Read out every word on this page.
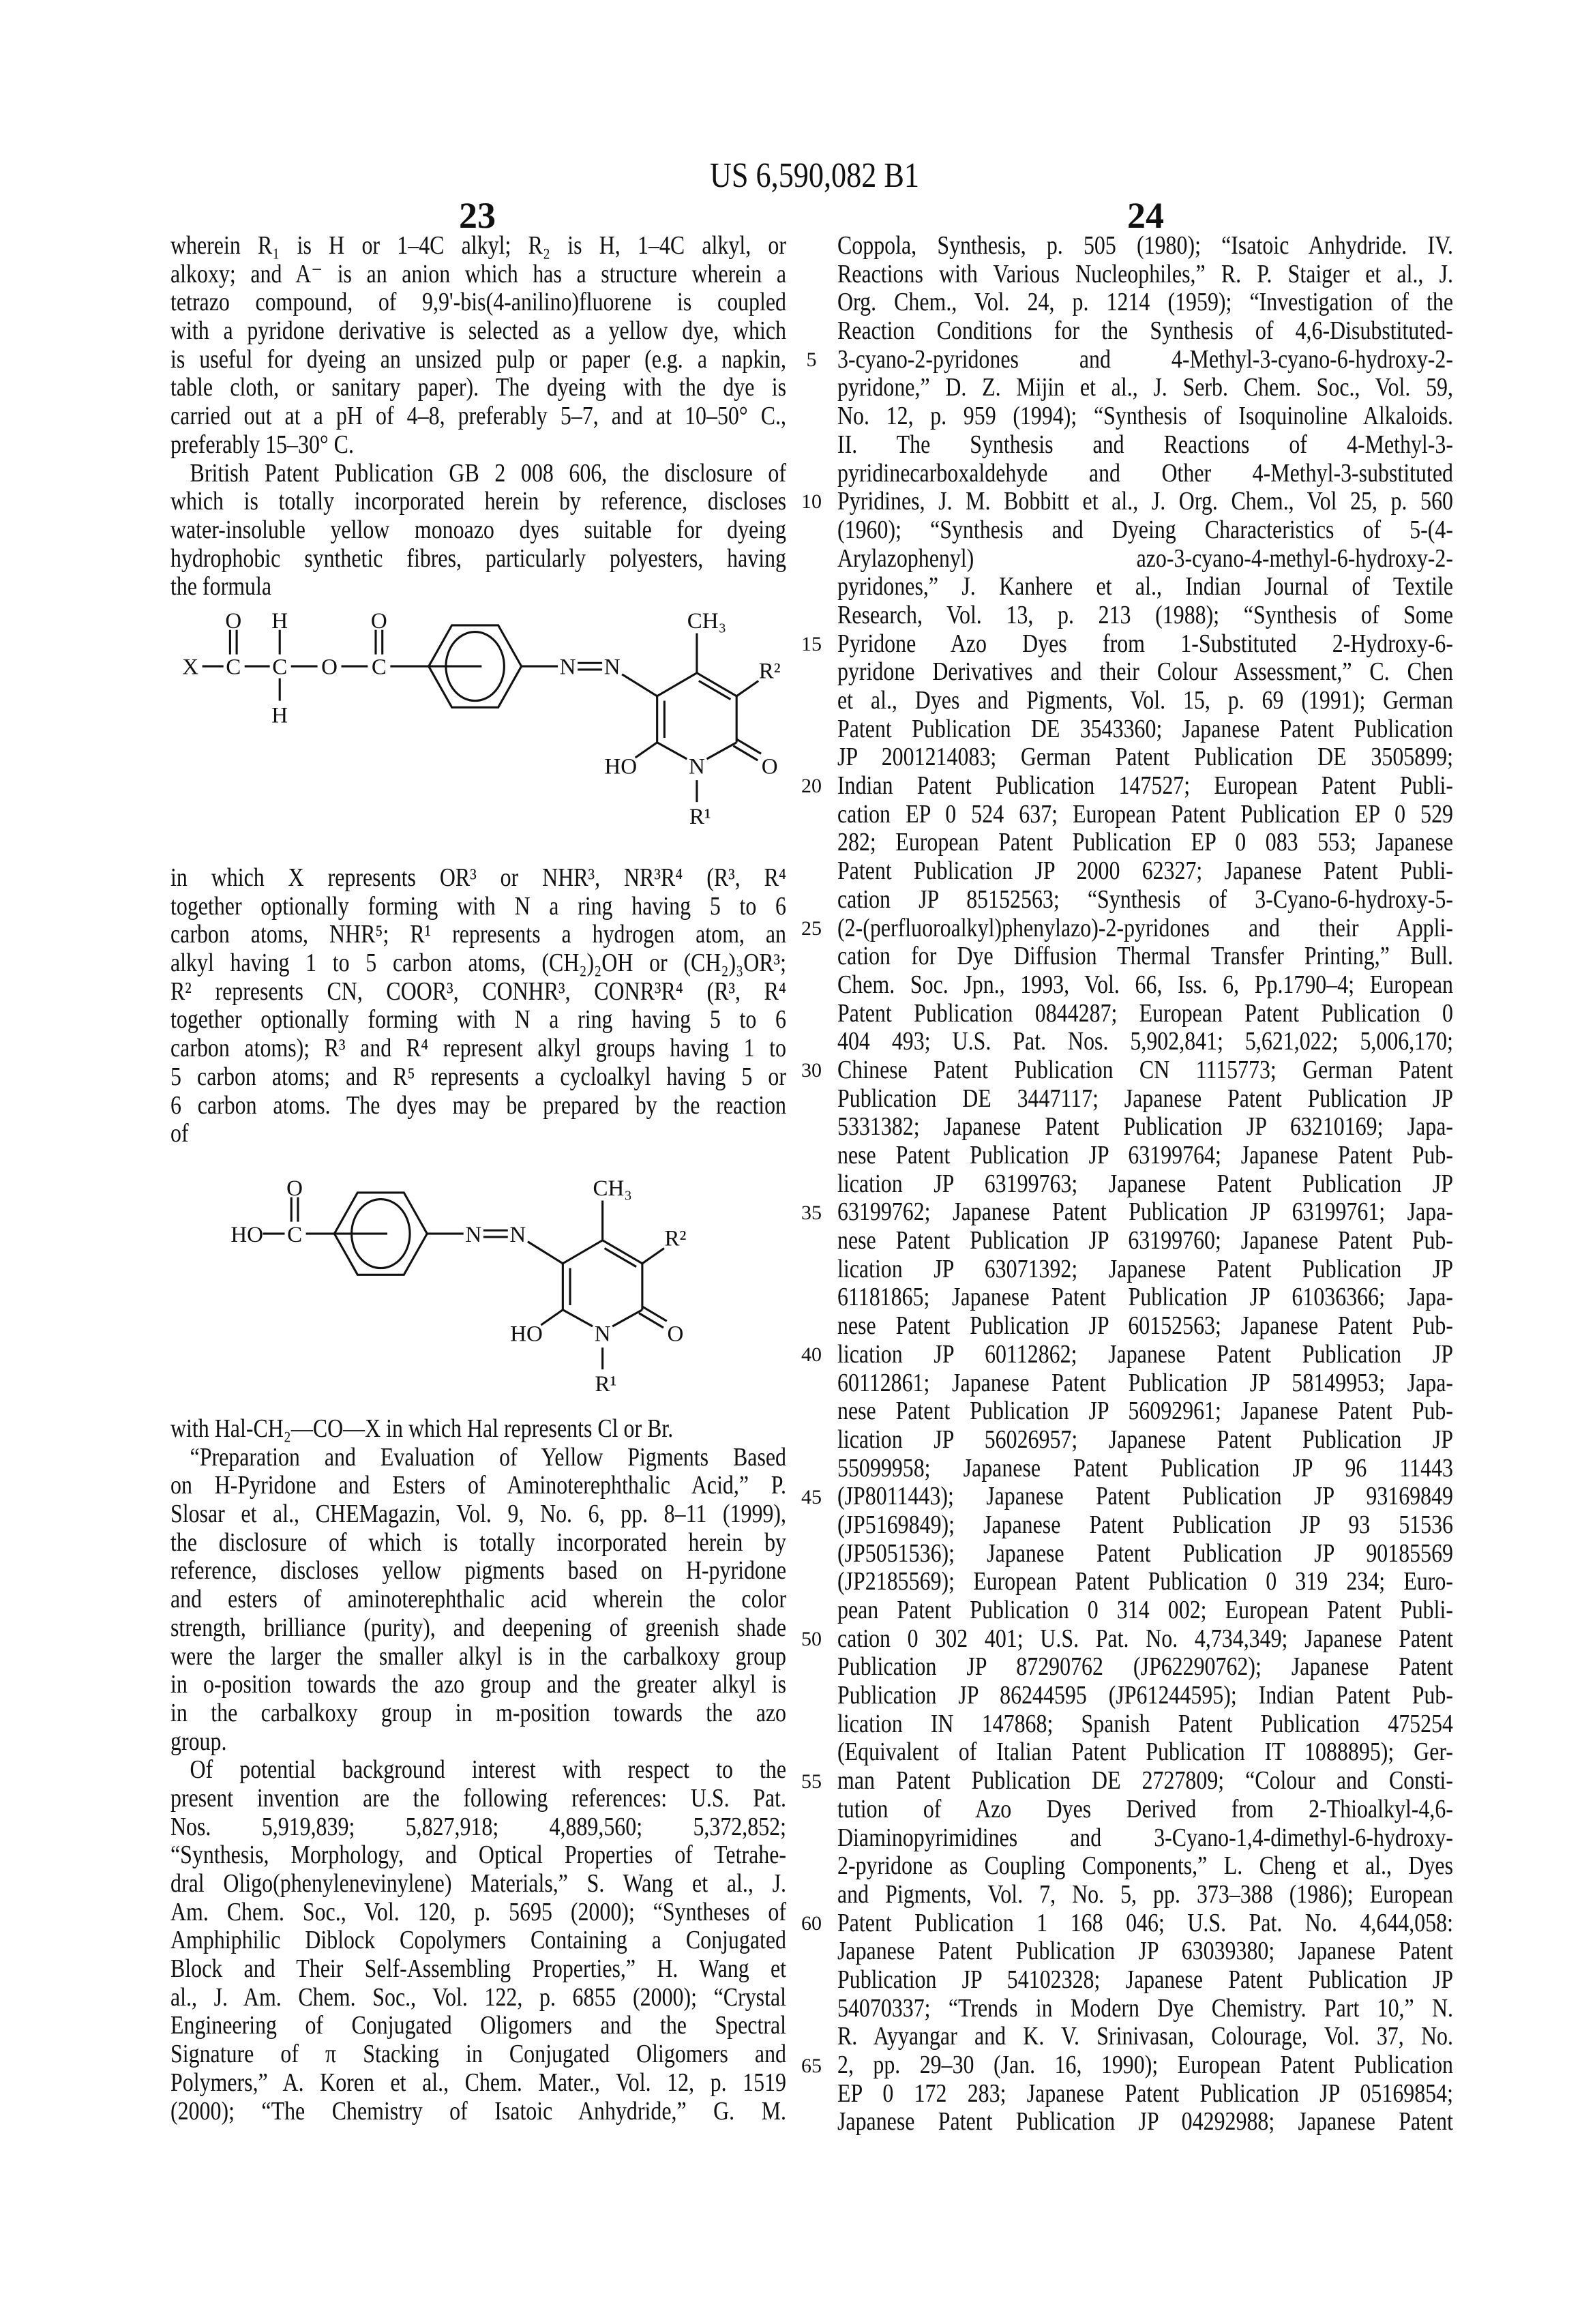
US 6,590,082 B1
23	24
wherein R₁ is H or 1–4C alkyl; R₂ is H, 1–4C alkyl, or
alkoxy; and A⁻ is an anion which has a structure wherein a
tetrazo compound, of 9,9'-bis(4-anilino)fluorene is coupled
with a pyridone derivative is selected as a yellow dye, which
is useful for dyeing an unsized pulp or paper (e.g. a napkin,
table cloth, or sanitary paper). The dyeing with the dye is
carried out at a pH of 4–8, preferably 5–7, and at 10–50° C.,
preferably 15–30° C.
British Patent Publication GB 2 008 606, the disclosure of
which is totally incorporated herein by reference, discloses
water-insoluble yellow monoazo dyes suitable for dyeing
hydrophobic synthetic fibres, particularly polyesters, having
the formula
X C
O
C
H
H
O C
O
N N
CH₃
R²
O
HO N
R¹
in which X represents OR³ or NHR³, NR³R⁴ (R³, R⁴
together optionally forming with N a ring having 5 to 6
carbon atoms, NHR⁵; R¹ represents a hydrogen atom, an
alkyl having 1 to 5 carbon atoms, (CH₂)₂OH or (CH₂)₃OR³;
R² represents CN, COOR³, CONHR³, CONR³R⁴ (R³, R⁴
together optionally forming with N a ring having 5 to 6
carbon atoms); R³ and R⁴ represent alkyl groups having 1 to
5 carbon atoms; and R⁵ represents a cycloalkyl having 5 or
6 carbon atoms. The dyes may be prepared by the reaction
of
HO C
O
N N
CH₃
R²
O
HO N
R¹
with Hal-CH₂—CO—X in which Hal represents Cl or Br.
“Preparation and Evaluation of Yellow Pigments Based
on H-Pyridone and Esters of Aminoterephthalic Acid,” P.
Slosar et al., CHEMagazin, Vol. 9, No. 6, pp. 8–11 (1999),
the disclosure of which is totally incorporated herein by
reference, discloses yellow pigments based on H-pyridone
and esters of aminoterephthalic acid wherein the color
strength, brilliance (purity), and deepening of greenish shade
were the larger the smaller alkyl is in the carbalkoxy group
in o-position towards the azo group and the greater alkyl is
in the carbalkoxy group in m-position towards the azo
group.
Of potential background interest with respect to the
present invention are the following references: U.S. Pat.
Nos. 5,919,839; 5,827,918; 4,889,560; 5,372,852;
“Synthesis, Morphology, and Optical Properties of Tetrahe-
dral Oligo(phenylenevinylene) Materials,” S. Wang et al., J.
Am. Chem. Soc., Vol. 120, p. 5695 (2000); “Syntheses of
Amphiphilic Diblock Copolymers Containing a Conjugated
Block and Their Self-Assembling Properties,” H. Wang et
al., J. Am. Chem. Soc., Vol. 122, p. 6855 (2000); “Crystal
Engineering of Conjugated Oligomers and the Spectral
Signature of π Stacking in Conjugated Oligomers and
Polymers,” A. Koren et al., Chem. Mater., Vol. 12, p. 1519
(2000); “The Chemistry of Isatoic Anhydride,” G. M.
Coppola, Synthesis, p. 505 (1980); “Isatoic Anhydride. IV.
Reactions with Various Nucleophiles,” R. P. Staiger et al., J.
Org. Chem., Vol. 24, p. 1214 (1959); “Investigation of the
Reaction Conditions for the Synthesis of 4,6-Disubstituted-
3-cyano-2-pyridones and 4-Methyl-3-cyano-6-hydroxy-2-
pyridone,” D. Z. Mijin et al., J. Serb. Chem. Soc., Vol. 59,
No. 12, p. 959 (1994); “Synthesis of Isoquinoline Alkaloids.
II. The Synthesis and Reactions of 4-Methyl-3-
pyridinecarboxaldehyde and Other 4-Methyl-3-substituted
Pyridines, J. M. Bobbitt et al., J. Org. Chem., Vol 25, p. 560
(1960); “Synthesis and Dyeing Characteristics of 5-(4-
Arylazophenyl) azo-3-cyano-4-methyl-6-hydroxy-2-
pyridones,” J. Kanhere et al., Indian Journal of Textile
Research, Vol. 13, p. 213 (1988); “Synthesis of Some
Pyridone Azo Dyes from 1-Substituted 2-Hydroxy-6-
pyridone Derivatives and their Colour Assessment,” C. Chen
et al., Dyes and Pigments, Vol. 15, p. 69 (1991); German
Patent Publication DE 3543360; Japanese Patent Publication
JP 2001214083; German Patent Publication DE 3505899;
Indian Patent Publication 147527; European Patent Publi-
cation EP 0 524 637; European Patent Publication EP 0 529
282; European Patent Publication EP 0 083 553; Japanese
Patent Publication JP 2000 62327; Japanese Patent Publi-
cation JP 85152563; “Synthesis of 3-Cyano-6-hydroxy-5-
(2-(perfluoroalkyl)phenylazo)-2-pyridones and their Appli-
cation for Dye Diffusion Thermal Transfer Printing,” Bull.
Chem. Soc. Jpn., 1993, Vol. 66, Iss. 6, Pp.1790–4; European
Patent Publication 0844287; European Patent Publication 0
404 493; U.S. Pat. Nos. 5,902,841; 5,621,022; 5,006,170;
Chinese Patent Publication CN 1115773; German Patent
Publication DE 3447117; Japanese Patent Publication JP
5331382; Japanese Patent Publication JP 63210169; Japa-
nese Patent Publication JP 63199764; Japanese Patent Pub-
lication JP 63199763; Japanese Patent Publication JP
63199762; Japanese Patent Publication JP 63199761; Japa-
nese Patent Publication JP 63199760; Japanese Patent Pub-
lication JP 63071392; Japanese Patent Publication JP
61181865; Japanese Patent Publication JP 61036366; Japa-
nese Patent Publication JP 60152563; Japanese Patent Pub-
lication JP 60112862; Japanese Patent Publication JP
60112861; Japanese Patent Publication JP 58149953; Japa-
nese Patent Publication JP 56092961; Japanese Patent Pub-
lication JP 56026957; Japanese Patent Publication JP
55099958; Japanese Patent Publication JP 96 11443
(JP8011443); Japanese Patent Publication JP 93169849
(JP5169849); Japanese Patent Publication JP 93 51536
(JP5051536); Japanese Patent Publication JP 90185569
(JP2185569); European Patent Publication 0 319 234; Euro-
pean Patent Publication 0 314 002; European Patent Publi-
cation 0 302 401; U.S. Pat. No. 4,734,349; Japanese Patent
Publication JP 87290762 (JP62290762); Japanese Patent
Publication JP 86244595 (JP61244595); Indian Patent Pub-
lication IN 147868; Spanish Patent Publication 475254
(Equivalent of Italian Patent Publication IT 1088895); Ger-
man Patent Publication DE 2727809; “Colour and Consti-
tution of Azo Dyes Derived from 2-Thioalkyl-4,6-
Diaminopyrimidines and 3-Cyano-1,4-dimethyl-6-hydroxy-
2-pyridone as Coupling Components,” L. Cheng et al., Dyes
and Pigments, Vol. 7, No. 5, pp. 373–388 (1986); European
Patent Publication 1 168 046; U.S. Pat. No. 4,644,058:
Japanese Patent Publication JP 63039380; Japanese Patent
Publication JP 54102328; Japanese Patent Publication JP
54070337; “Trends in Modern Dye Chemistry. Part 10,” N.
R. Ayyangar and K. V. Srinivasan, Colourage, Vol. 37, No.
2, pp. 29–30 (Jan. 16, 1990); European Patent Publication
EP 0 172 283; Japanese Patent Publication JP 05169854;
Japanese Patent Publication JP 04292988; Japanese Patent
5
10
15
20
25
30
35
40
45
50
55
60
65
